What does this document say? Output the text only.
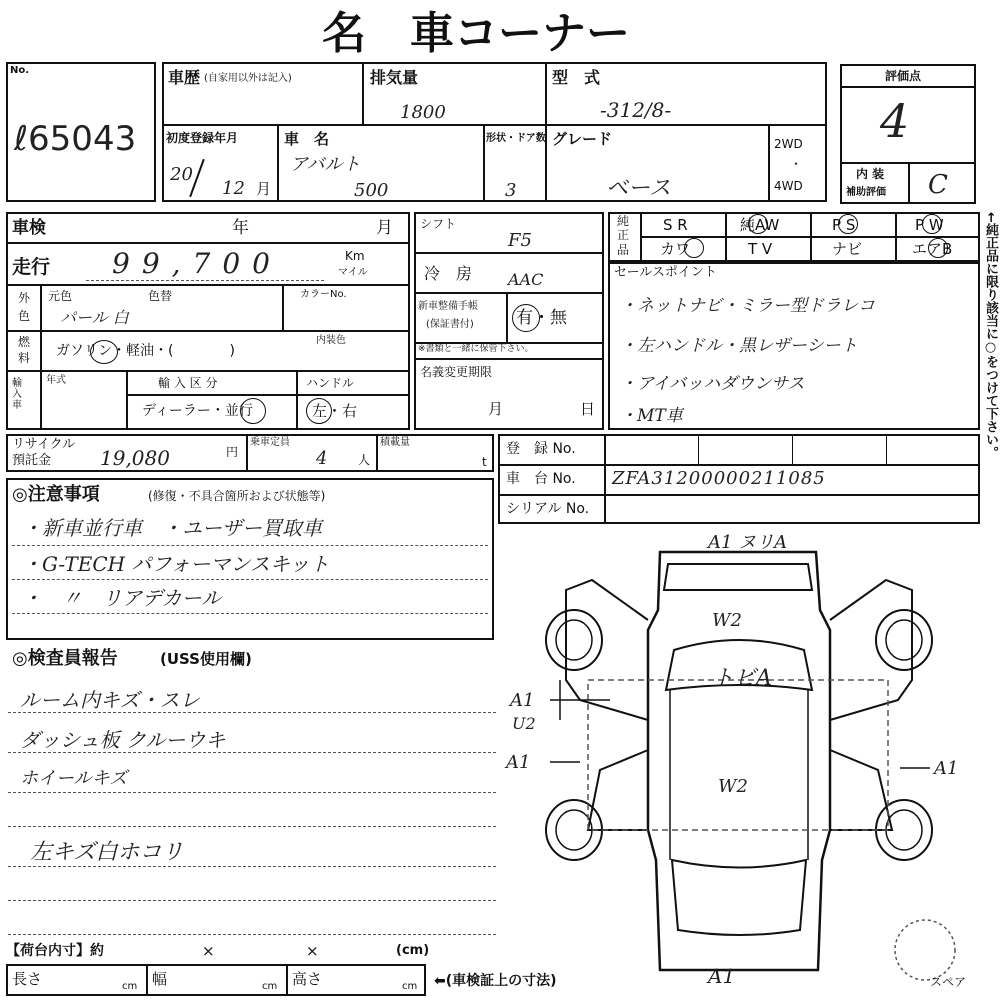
名　車コーナー
No.
ℓ65043
車歴 (自家用以外は記入)	排気量
1800
型　式
-312/8-
初度登録年月
20
12 月
車　名
アバルト
500
形状・ドア数
3
グレード
ベース
2WD
・
4WD
評価点
4
内 装
補助評価 C
車検	年	月
走行 99,700	Km
マイル
外
色
元色	色替	カラーNo.
パール 白
燃
料 ガソリン・軽油・(　　　　)
内装色
輸入車
年式	輸 入 区 分
ディーラー・並行
ハンドル
左・右
シフト
F5
冷　房 AAC
新車整備手帳
(保証書付) 有・無
※書類と一緒に保管下さい。
名義変更期限
月	日
純正品
S R	純AW	P S	P W
カワ	T V	ナビ	エアB ←純正品に限り該当に○をつけて下さい。
セールスポイント
・ネットナビ・ミラー型ドラレコ
・左ハンドル・黒レザーシート
・アイバッハダウンサス
・MT車
リサイクル
預託金 19,080	円
乗車定員
4	人
積載量
t
登　録 No.
車　台 No. ZFA31200000211085
シリアル No.
◎注意事項	(修復・不具合箇所および状態等)
・新車並行車　・ユーザー買取車
・G-TECH パフォーマンスキット
・　〃　リアデカール
◎検査員報告	(USS使用欄)
ルーム内キズ・スレ
ダッシュ板 クルーウキ
ホイールキズ
左キズ白ホコリ
A1 ヌリA
W2
トビA
W2
A1
U2
A1	A1
A1	スペア
【荷台内寸】約	×	×	(cm)
長さ	cm 幅	cm 高さ	cm ⬅(車検証上の寸法)
